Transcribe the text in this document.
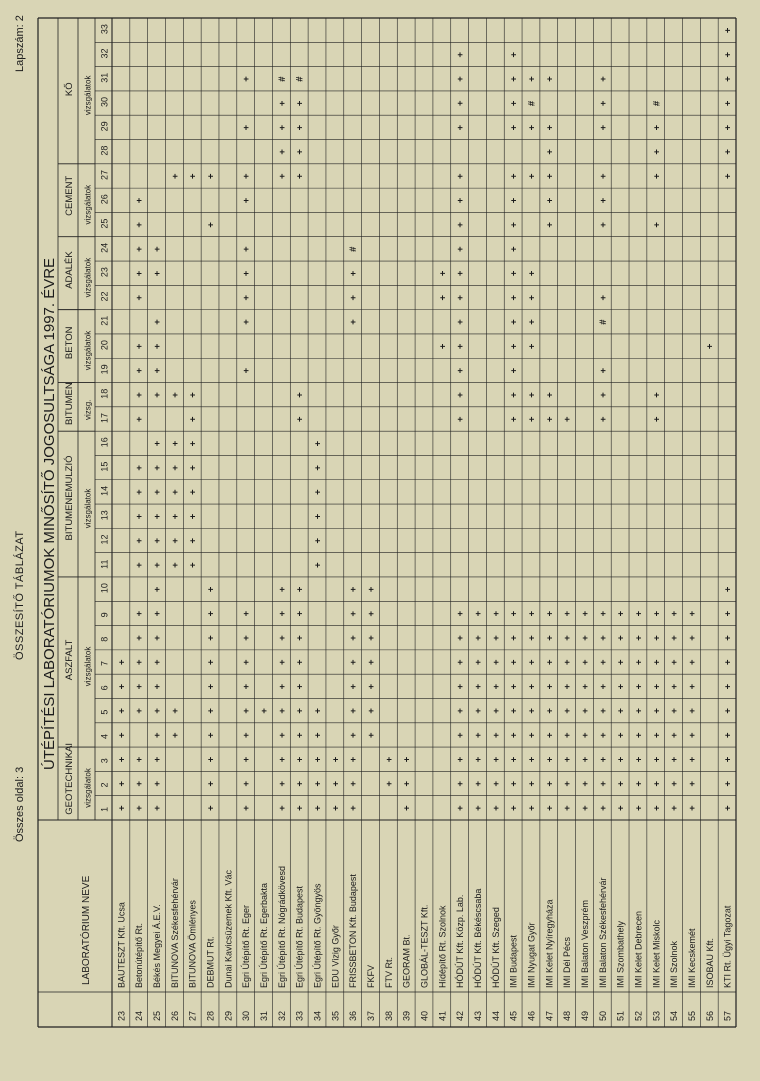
Összes oldal: 3
ÖSSZESÍTŐ TÁBLÁZAT
Lapszám: 2
ÚTÉPÍTÉSI LABORATÓRIUMOK MINŐSÍTŐ JOGOSULTSÁGA 1997. ÉVRE
LABORATÓRIUM NEVE
1
2
3
4
5
6
7
8
9
10
11
12
13
14
15
16
17
18
19
20
21
22
23
24
25
26
27
28
29
30
31
32
33
GEOTECHNIKAI vizsgálatok
ASZFALT vizsgálatok
BITUMENEMULZIÓ vizsgálatok
BITUMEN vizsg.
BETON vizsgálatok
ADALÉK vizsgálatok
CEMENT vizsgálatok
KŐ vizsgálatok
23
BAUTESZT Kft. Ucsa
+
+
+
+
+
+
+
24
Betonútépítő Rt.
+
+
+
+
+
+
+
+
+
+
+
+
+
+
+
+
+
+
+
+
+
+
25
Békés Megyei Á.E.V.
+
+
+
+
+
+
+
+
+
+
+
+
+
+
+
+
+
+
+
+
+
+
26
BITUNOVA Székesfehérvár
+
+
+
+
+
+
+
+
+
+
27
BITUNOVA Ömlényes
+
+
+
+
+
+
+
+
+
28
DEBMUT Rt.
+
+
+
+
+
+
+
+
+
+
+
+
29
Dunai Kavicsüzemek Kft. Vác
30
Egri Útépítő Rt. Eger
+
+
+
+
+
+
+
+
+
+
+
+
+
+
+
+
+
+
31
Egri Útépítő Rt. Egerbakta
+
32
Egri Útépítő Rt. Nógrádkövesd
+
+
+
+
+
+
+
+
+
+
+
+
+
+
#
33
Egri Útépítő Rt. Budapest
+
+
+
+
+
+
+
+
+
+
+
+
+
+
+
+
#
34
Egri Útépítő Rt. Gyöngyös
+
+
+
+
+
+
+
+
+
+
+
35
EDU Vizig Győr
+
+
+
36
FRISSBETON Kft. Budapest
+
+
+
+
+
+
+
+
+
+
+
+
+
#
37
FKFV
+
+
+
+
+
+
+
38
FTV Rt.
+
+
39
GEORAM Bt.
+
+
+
40
GLOBÁL-TESZT Kft.
41
Hídépítő Rt. Szolnok
+
+
+
42
HÓDÚT Kft. Közp. Lab.
+
+
+
+
+
+
+
+
+
+
+
+
+
+
+
+
+
+
+
+
+
+
+
+
43
HÓDÚT Kft. Békéscsaba
+
+
+
+
+
+
+
+
+
44
HÓDÚT Kft. Szeged
+
+
+
+
+
+
+
+
+
45
IMI Budapest
+
+
+
+
+
+
+
+
+
+
+
+
+
+
+
+
+
+
+
+
+
+
+
+
46
IMI Nyugat Győr
+
+
+
+
+
+
+
+
+
+
+
+
+
+
+
+
+
#
+
47
IMI Kelet Nyíregyháza
+
+
+
+
+
+
+
+
+
+
+
+
+
+
+
+
+
48
IMI Dél Pécs
+
+
+
+
+
+
+
+
+
+
49
IMI Balaton Veszprém
+
+
+
+
+
+
+
+
+
50
IMI Balaton Székesfehérvár
+
+
+
+
+
+
+
+
+
+
+
+
#
+
+
+
+
+
+
+
51
IMI Szombathely
+
+
+
+
+
+
+
+
+
52
IMI Kelet Debrecen
+
+
+
+
+
+
+
+
+
53
IMI Kelet Miskolc
+
+
+
+
+
+
+
+
+
+
+
+
+
+
+
#
54
IMI Szolnok
+
+
+
+
+
+
+
+
+
55
IMI Kecskemét
+
+
+
+
+
+
+
+
+
56
ISOBAU Kft.
+
57
KTI Rt. Ügyi Tagozat
+
+
+
+
+
+
+
+
+
+
+
+
+
+
+
+
+
